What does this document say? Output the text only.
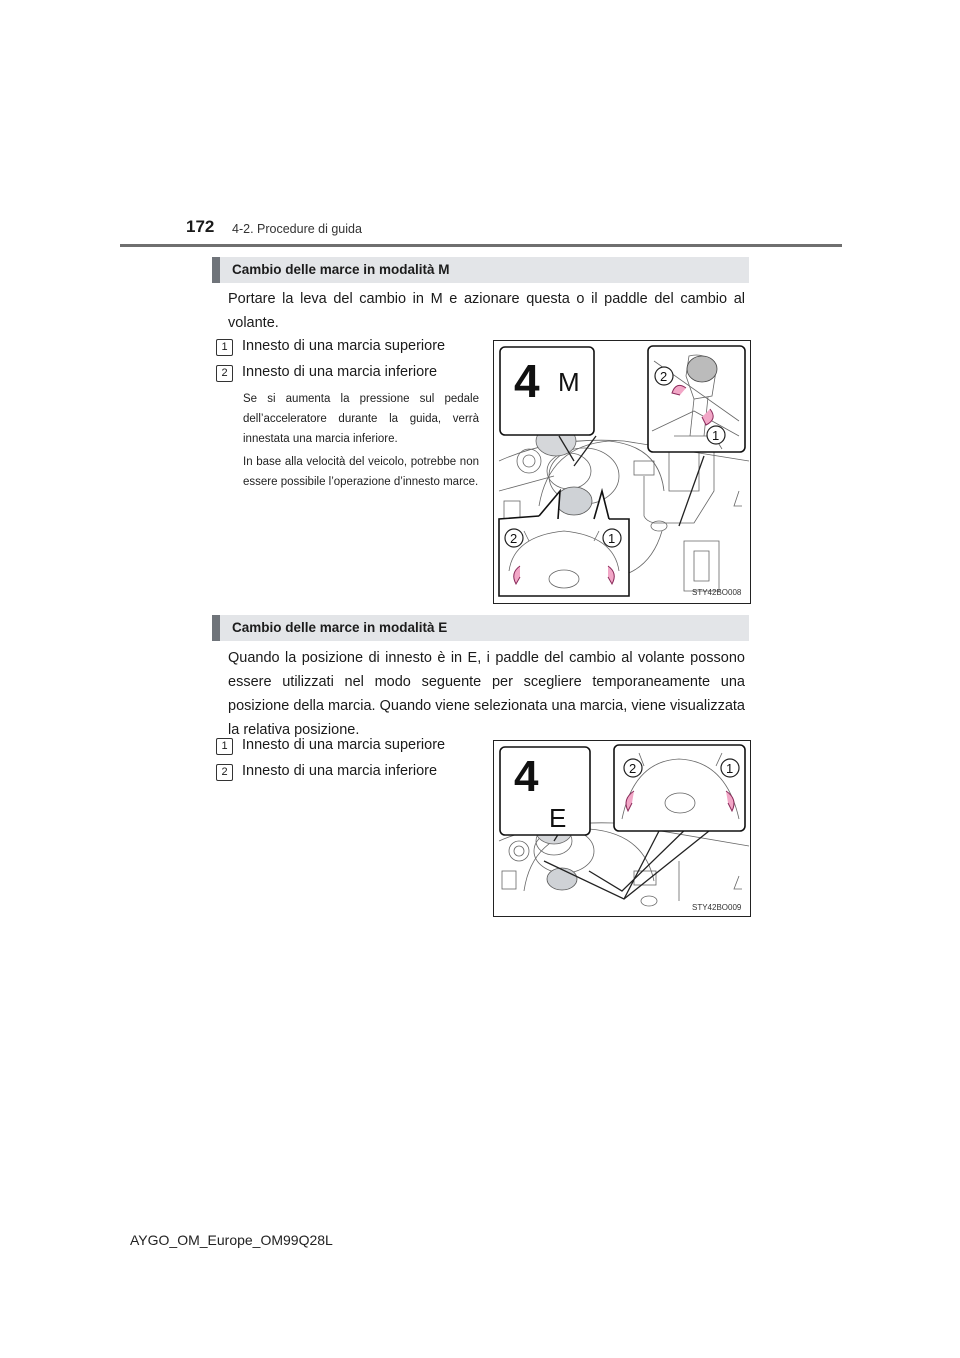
172 4-2. Procedure di guida
Cambio delle marce in modalità M
Portare la leva del cambio in M e azionare questa o il paddle del cambio al volante.
1 Innesto di una marcia superiore
2 Innesto di una marcia inferiore
Se si aumenta la pressione sul pedale dell’acceleratore durante la guida, verrà innestata una marcia inferiore.
In base alla velocità del veicolo, potrebbe non essere possibile l’operazione d’innesto marce.
4 M	2
1
2	1
STY42BO008
Cambio delle marce in modalità E
Quando la posizione di innesto è in E, i paddle del cambio al volante possono essere utilizzati nel modo seguente per scegliere temporaneamente una posizione della marcia. Quando viene selezionata una marcia, viene visualizzata la relativa posizione.
1 Innesto di una marcia superiore
2 Innesto di una marcia inferiore 4
E
2	1
STY42BO009
AYGO_OM_Europe_OM99Q28L
